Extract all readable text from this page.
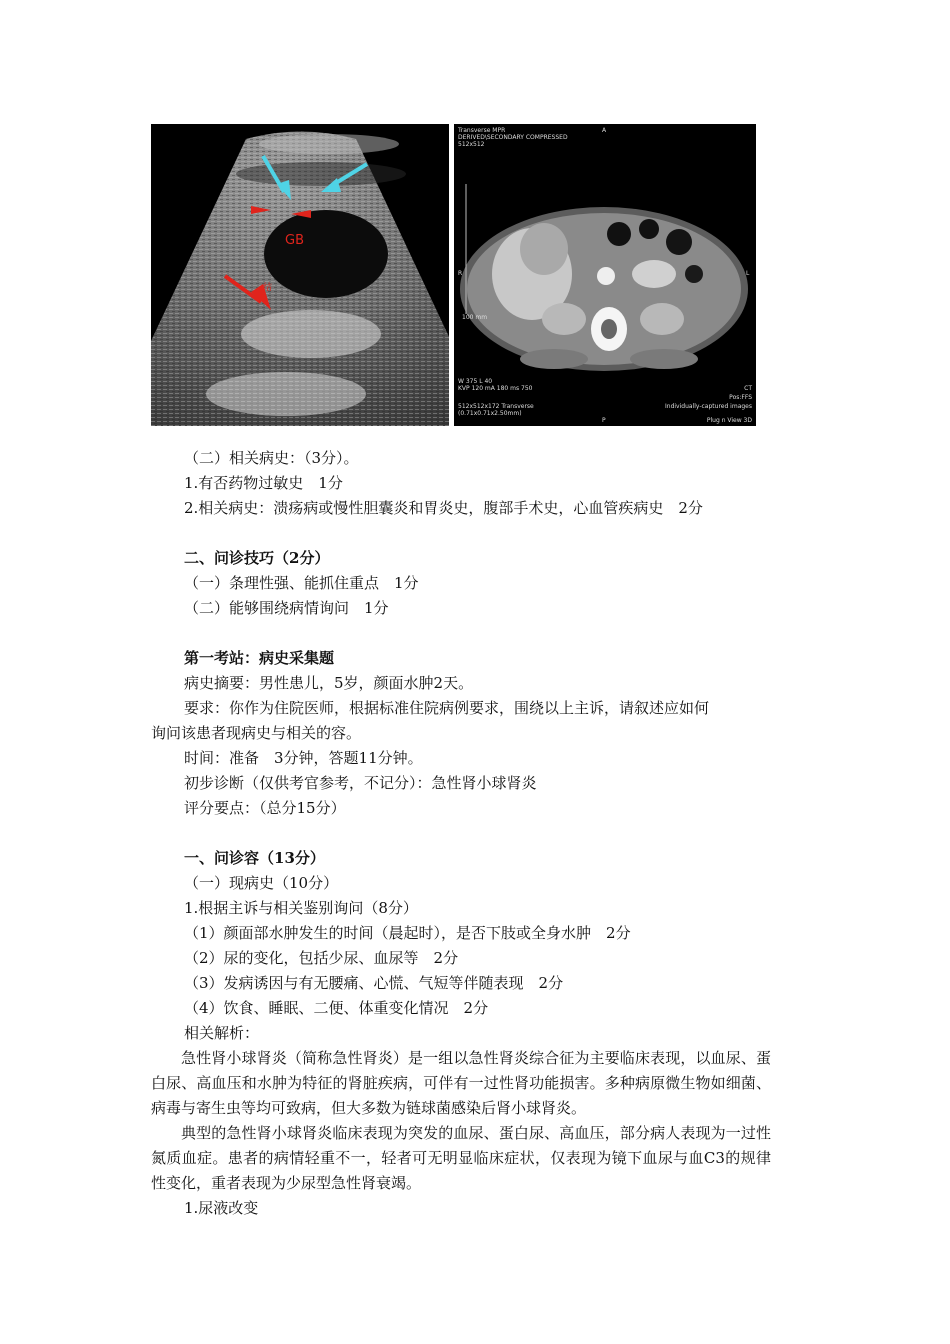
GB
结
Transverse MPR
DERIVED\SECONDARY COMPRESSED
512x512
A
R	L
100 mm
W 375 L 40
KVP 120 mA 180 ms 750
512x512x172 Transverse
(0.71x0.71x2.50mm)
P
CT
Pos:FFS
Individually-captured images
Plug n View 3D
（二）相关病史：（3分）。
1.有否药物过敏史　1分
2.相关病史：溃疡病或慢性胆囊炎和胃炎史，腹部手术史，心血管疾病史　2分
二、问诊技巧（2分）
（一）条理性强、能抓住重点　1分
（二）能够围绕病情询问　1分
第一考站：病史采集题
病史摘要：男性患儿，5岁，颜面水肿2天。
要求：你作为住院医师，根据标准住院病例要求，围绕以上主诉，请叙述应如何
询问该患者现病史与相关的容。
时间：准备　3分钟，答题11分钟。
初步诊断（仅供考官参考，不记分）：急性肾小球肾炎
评分要点：（总分15分）
一、问诊容（13分）
（一）现病史（10分）
1.根据主诉与相关鉴别询问（8分）
（1）颜面部水肿发生的时间（晨起时），是否下肢或全身水肿　2分
（2）尿的变化，包括少尿、血尿等　2分
（3）发病诱因与有无腰痛、心慌、气短等伴随表现　2分
（4）饮食、睡眠、二便、体重变化情况　2分
相关解析：
急性肾小球肾炎（简称急性肾炎）是一组以急性肾炎综合征为主要临床表现，以血尿、蛋白尿、高血压和水肿为特征的肾脏疾病，可伴有一过性肾功能损害。多种病原微生物如细菌、病毒与寄生虫等均可致病，但大多数为链球菌感染后肾小球肾炎。
典型的急性肾小球肾炎临床表现为突发的血尿、蛋白尿、高血压，部分病人表现为一过性氮质血症。患者的病情轻重不一，轻者可无明显临床症状，仅表现为镜下血尿与血C3的规律性变化，重者表现为少尿型急性肾衰竭。
1.尿液改变
